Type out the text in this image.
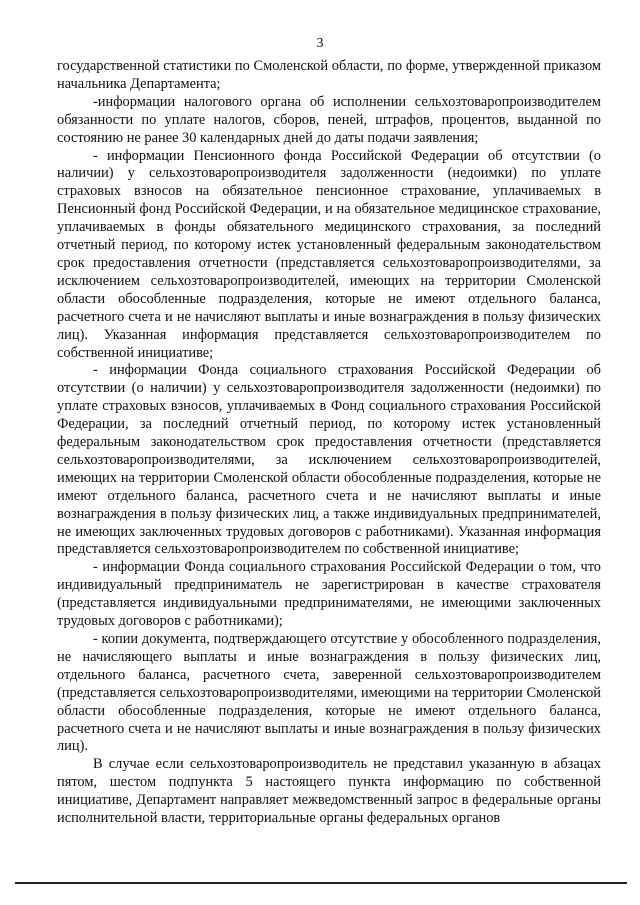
3

государственной статистики по Смоленской области, по форме, утвержденной приказом начальника Департамента;

-информации налогового органа об исполнении сельхозтоваропроизводителем обязанности по уплате налогов, сборов, пеней, штрафов, процентов, выданной по состоянию не ранее 30 календарных дней до даты подачи заявления;

- информации Пенсионного фонда Российской Федерации об отсутствии (о наличии) у сельхозтоваропроизводителя задолженности (недоимки) по уплате страховых взносов на обязательное пенсионное страхование, уплачиваемых в Пенсионный фонд Российской Федерации, и на обязательное медицинское страхование, уплачиваемых в фонды обязательного медицинского страхования, за последний отчетный период, по которому истек установленный федеральным законодательством срок предоставления отчетности (представляется сельхозтоваропроизводителями, за исключением сельхозтоваропроизводителей, имеющих на территории Смоленской области обособленные подразделения, которые не имеют отдельного баланса, расчетного счета и не начисляют выплаты и иные вознаграждения в пользу физических лиц). Указанная информация представляется сельхозтоваропроизводителем по собственной инициативе;

- информации Фонда социального страхования Российской Федерации об отсутствии (о наличии) у сельхозтоваропроизводителя задолженности (недоимки) по уплате страховых взносов, уплачиваемых в Фонд социального страхования Российской Федерации, за последний отчетный период, по которому истек установленный федеральным законодательством срок предоставления отчетности (представляется сельхозтоваропроизводителями, за исключением сельхозтоваропроизводителей, имеющих на территории Смоленской области обособленные подразделения, которые не имеют отдельного баланса, расчетного счета и не начисляют выплаты и иные вознаграждения в пользу физических лиц, а также индивидуальных предпринимателей, не имеющих заключенных трудовых договоров с работниками). Указанная информация представляется сельхозтоваропроизводителем по собственной инициативе;

- информации Фонда социального страхования Российской Федерации о том, что индивидуальный предприниматель не зарегистрирован в качестве страхователя (представляется индивидуальными предпринимателями, не имеющими заключенных трудовых договоров с работниками);

- копии документа, подтверждающего отсутствие у обособленного подразделения, не начисляющего выплаты и иные вознаграждения в пользу физических лиц, отдельного баланса, расчетного счета, заверенной сельхозтоваропроизводителем (представляется сельхозтоваропроизводителями, имеющими на территории Смоленской области обособленные подразделения, которые не имеют отдельного баланса, расчетного счета и не начисляют выплаты и иные вознаграждения в пользу физических лиц).

В случае если сельхозтоваропроизводитель не представил указанную в абзацах пятом, шестом подпункта 5 настоящего пункта информацию по собственной инициативе, Департамент направляет межведомственный запрос в федеральные органы исполнительной власти, территориальные органы федеральных органов
